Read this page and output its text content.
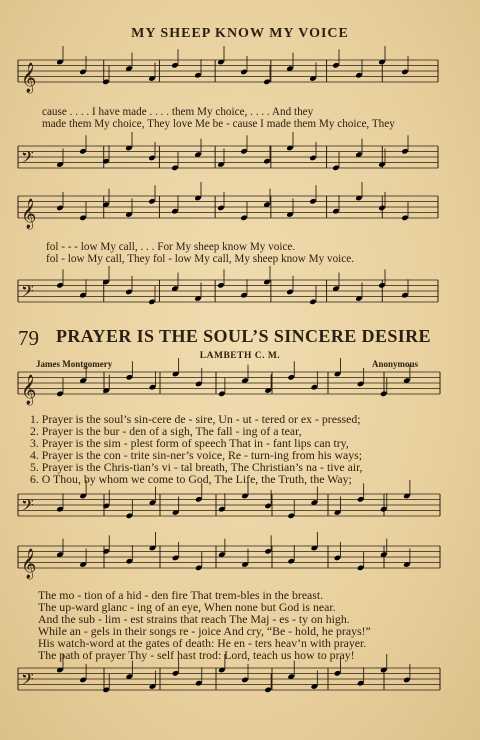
𝄞
𝄢
𝄞
𝄢
𝄞
𝄢
𝄞
𝄢
MY SHEEP KNOW MY VOICE
cause . . . . I have made . . . . them My choice, . . . . And they
made them My choice, They love Me be - cause I made them My choice, They
fol - - - low My call, . . . For My sheep know My voice.
fol - low My call, They fol - low My call, My sheep know My voice.
79 PRAYER IS THE SOUL’S SINCERE DESIRE
LAMBETH C. M.
James Montgomery	Anonymous
1. Prayer is the soul’s sin-cere de - sire, Un - ut - tered or ex - pressed;
2. Prayer is the bur - den of a sigh, The fall - ing of a tear,
3. Prayer is the sim - plest form of speech That in - fant lips can try,
4. Prayer is the con - trite sin-ner’s voice, Re - turn-ing from his ways;
5. Prayer is the Chris-tian’s vi - tal breath, The Christian’s na - tive air,
6. O Thou, by whom we come to God, The Life, the Truth, the Way;
The mo - tion of a hid - den fire That trem-bles in the breast.
The up-ward glanc - ing of an eye, When none but God is near.
And the sub - lim - est strains that reach The Maj - es - ty on high.
While an - gels in their songs re - joice And cry, “Be - hold, he prays!”
His watch-word at the gates of death: He en - ters heav’n with prayer.
The path of prayer Thy - self hast trod: Lord, teach us how to pray!
